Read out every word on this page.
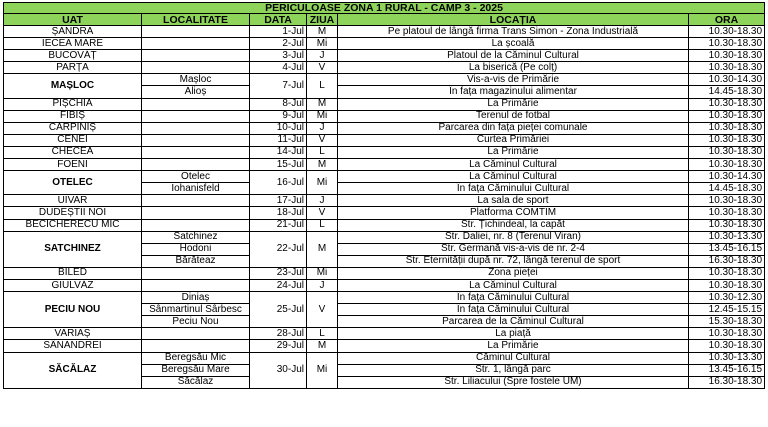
PERICULOASE ZONA 1 RURAL - CAMP 3 - 2025					
UAT	LOCALITATE	DATA	ZIUA	LOCAȚIA	ORA
ȘANDRA		1-Jul	M	Pe platoul de lângă firma Trans Simon - Zona Industrială	10.30-18.30
IECEA MARE		2-Jul	Mi	La școală	10.30-18.30
BUCOVĂȚ		3-Jul	J	Platoul de la Căminul Cultural	10.30-18.30
PARȚA		4-Jul	V	La biserică (Pe colț)	10.30-18.30
MAȘLOC	Mașloc	7-Jul	L	Vis-a-vis de Primărie	10.30-14.30
	Alioș			În fața magazinului alimentar	14.45-18.30
PIȘCHIA		8-Jul	M	La Primărie	10.30-18.30
FIBIȘ		9-Jul	Mi	Terenul de fotbal	10.30-18.30
CĂRPINIȘ		10-Jul	J	Parcarea din fața pieței comunale	10.30-18.30
CENEI		11-Jul	V	Curtea Primăriei	10.30-18.30
CHECEA		14-Jul	L	La Primărie	10.30-18.30
FOENI		15-Jul	M	La Căminul Cultural	10.30-18.30
OTELEC	Otelec	16-Jul	Mi	La Căminul Cultural	10.30-14.30
	Iohanisfeld			În fața Căminului Cultural	14.45-18.30
UIVAR		17-Jul	J	La sala de sport	10.30-18.30
DUDEȘTII NOI		18-Jul	V	Platforma COMTIM	10.30-18.30
BECICHERECU MIC		21-Jul	L	Str. Țichindeal, la capăt	10.30-18.30
SATCHINEZ	Satchinez	22-Jul	M	Str. Daliei, nr. 8 (Terenul Viran)	10.30-13.30
	Hodoni			Str. Germană vis-a-vis de nr. 2-4	13.45-16.15
	Bărăteaz			Str. Eternității după nr. 72, lângă terenul de sport	16.30-18.30
BILED		23-Jul	Mi	Zona pieței	10.30-18.30
GIULVĂZ		24-Jul	J	La Căminul Cultural	10.30-18.30
PECIU NOU	Diniaș	25-Jul	V	În fața Căminului Cultural	10.30-12.30
	Sânmartinul Sârbesc			În fața Căminului Cultural	12.45-15.15
	Peciu Nou			Parcarea de la Căminul Cultural	15.30-18.30
VARIAȘ		28-Jul	L	La piață	10.30-18.30
SÂNANDREI		29-Jul	M	La Primărie	10.30-18.30
SĂCĂLAZ	Beregsău Mic	30-Jul	Mi	Căminul Cultural	10.30-13.30
	Beregsău Mare			Str. 1, lângă parc	13.45-16.15
	Săcălaz			Str. Liliacului (Spre fostele UM)	16.30-18.30
